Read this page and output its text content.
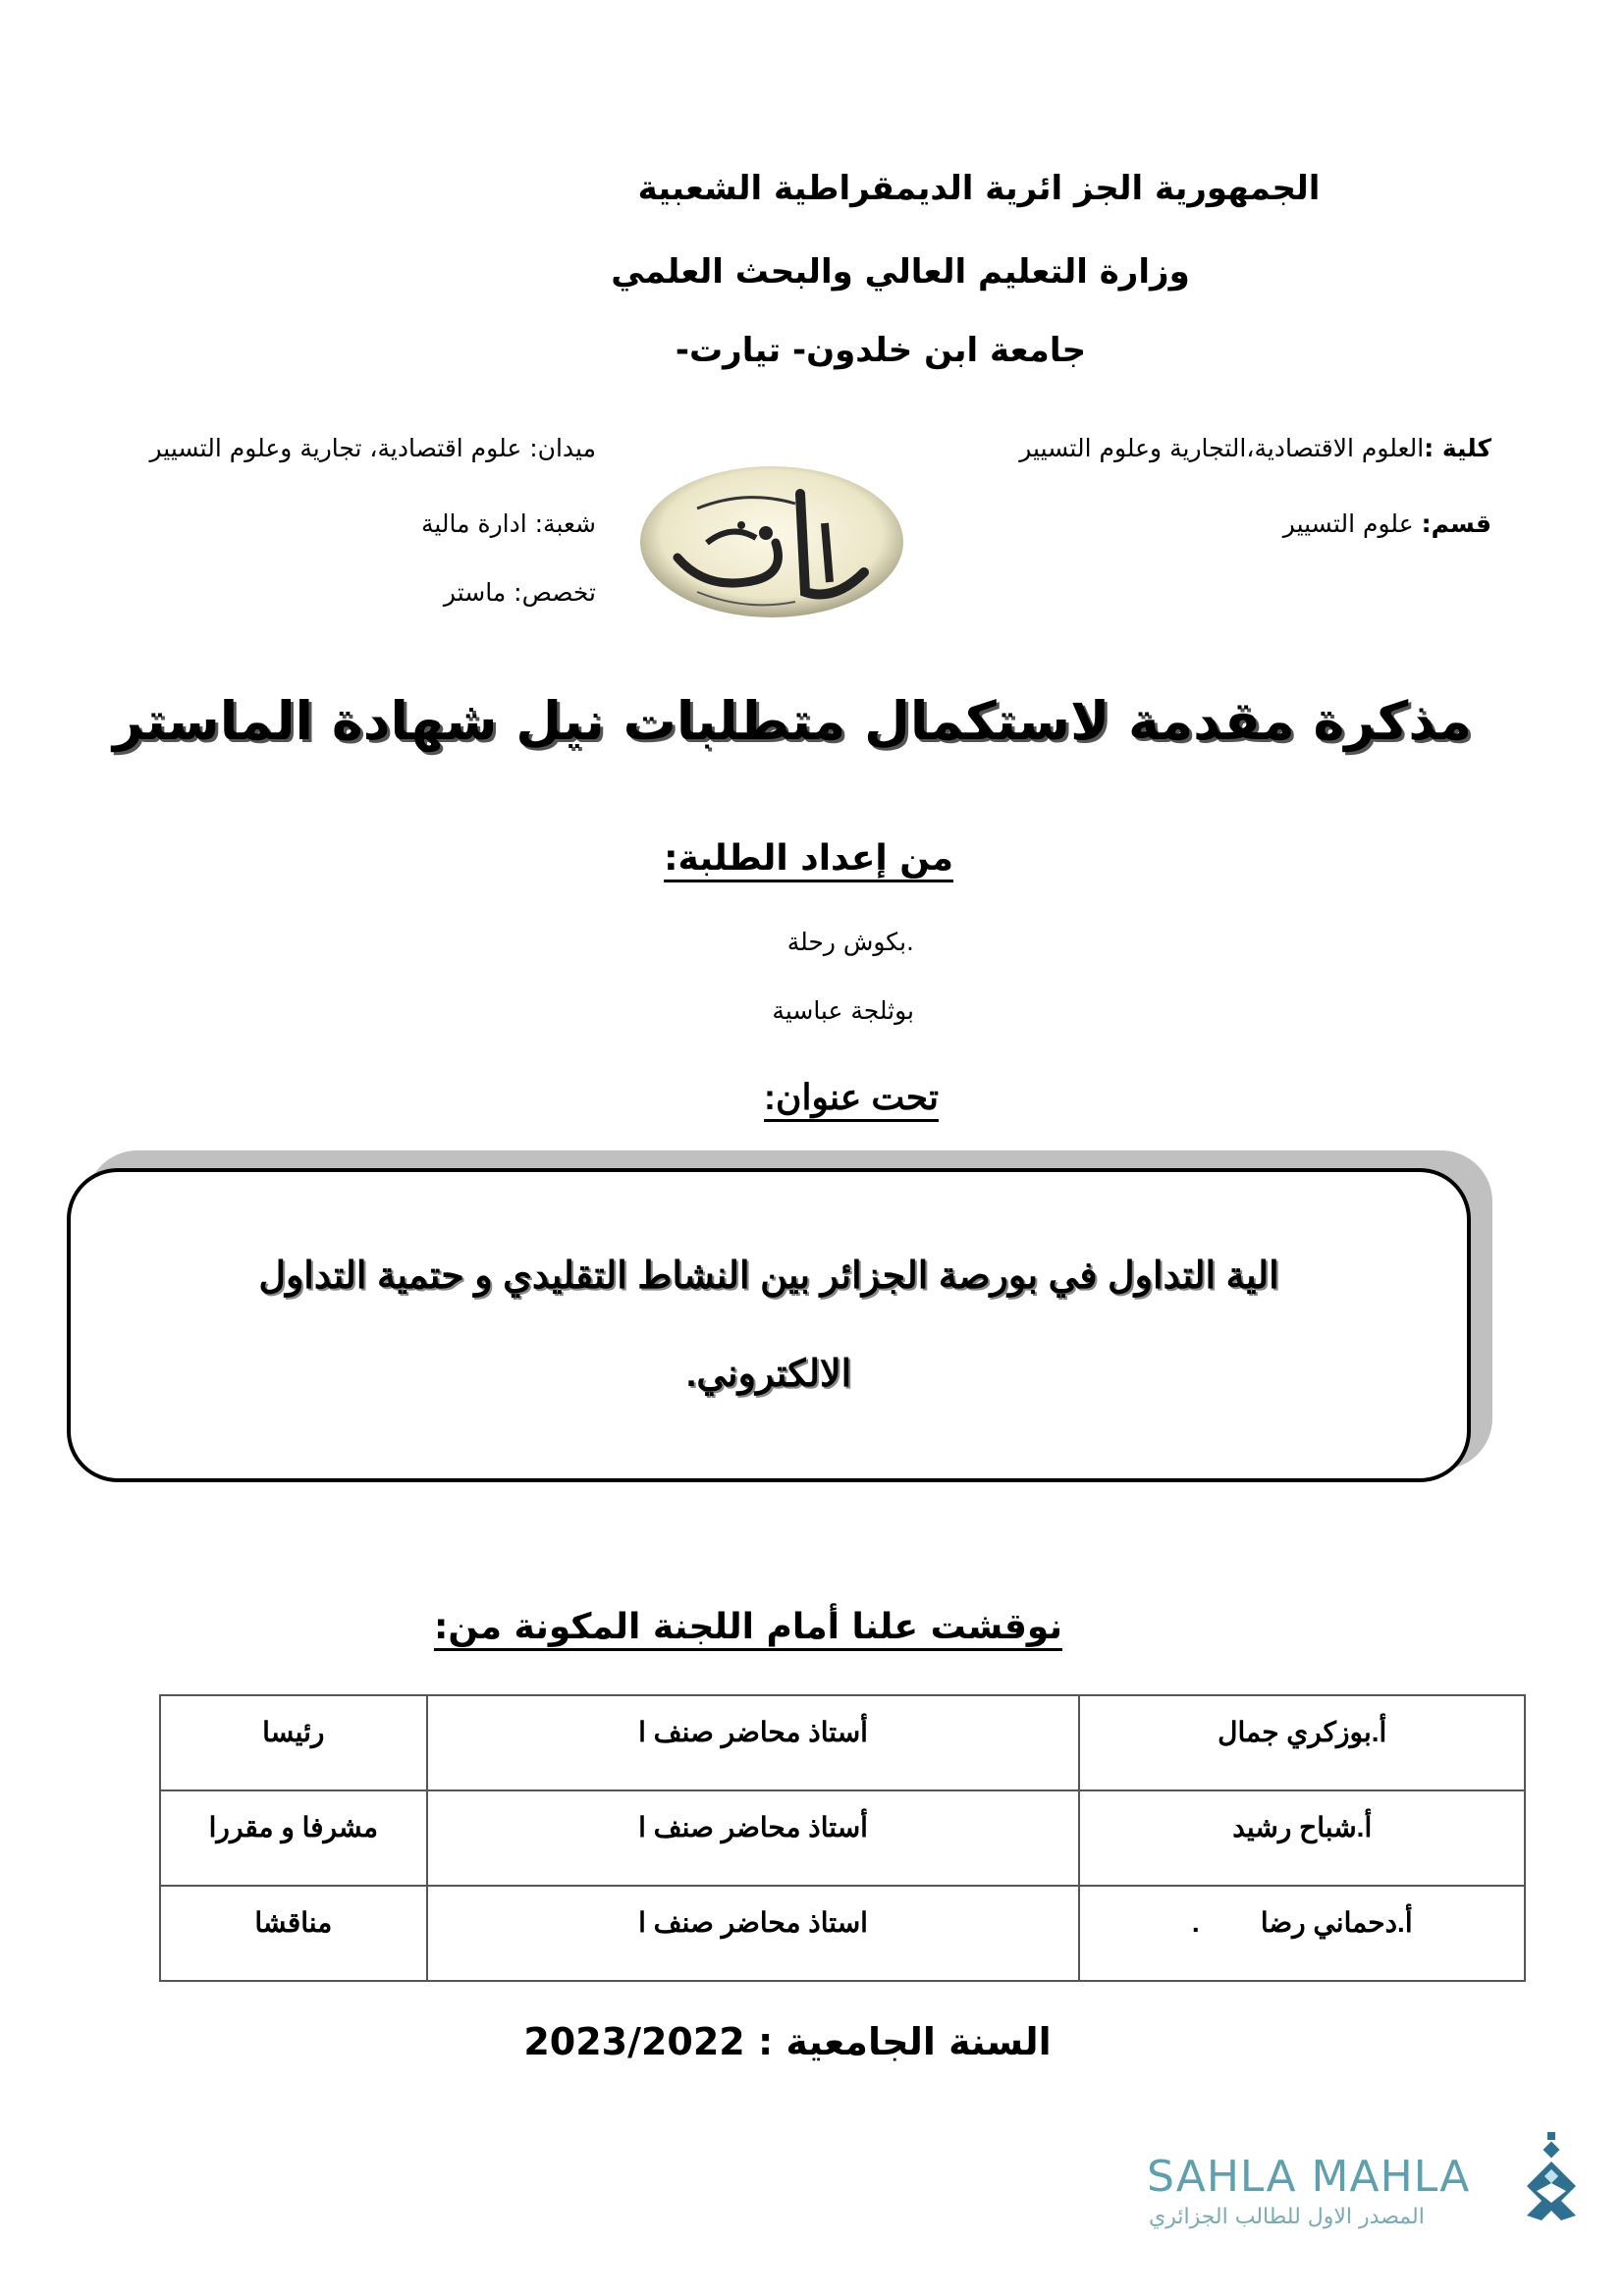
الجمهورية الجز ائرية الديمقراطية الشعبية
وزارة التعليم العالي والبحث العلمي
جامعة ابن خلدون- تيارت-
كلية :العلوم الاقتصادية،التجارية وعلوم التسيير
قسم: علوم التسيير
ميدان: علوم اقتصادية، تجارية وعلوم التسيير
شعبة: ادارة مالية
تخصص: ماستر
مذكرة مقدمة لاستكمال متطلبات نيل شهادة الماستر
من إعداد الطلبة:
.بكوش رحلة
بوثلجة عباسية
تحت عنوان:
الية التداول في بورصة الجزائر بين النشاط التقليدي و حتمية التداول
الالكتروني.
نوقشت علنا أمام اللجنة المكونة من:
أ.بوزكري جمال	أستاذ محاضر صنف ا	رئيسا
أ.شباح رشيد	أستاذ محاضر صنف ا	مشرفا و مقررا
أ.دحماني رضا        .	استاذ محاضر صنف ا	مناقشا
السنة الجامعية : 2023/2022
SAHLA MAHLA
المصدر الاول للطالب الجزائري
